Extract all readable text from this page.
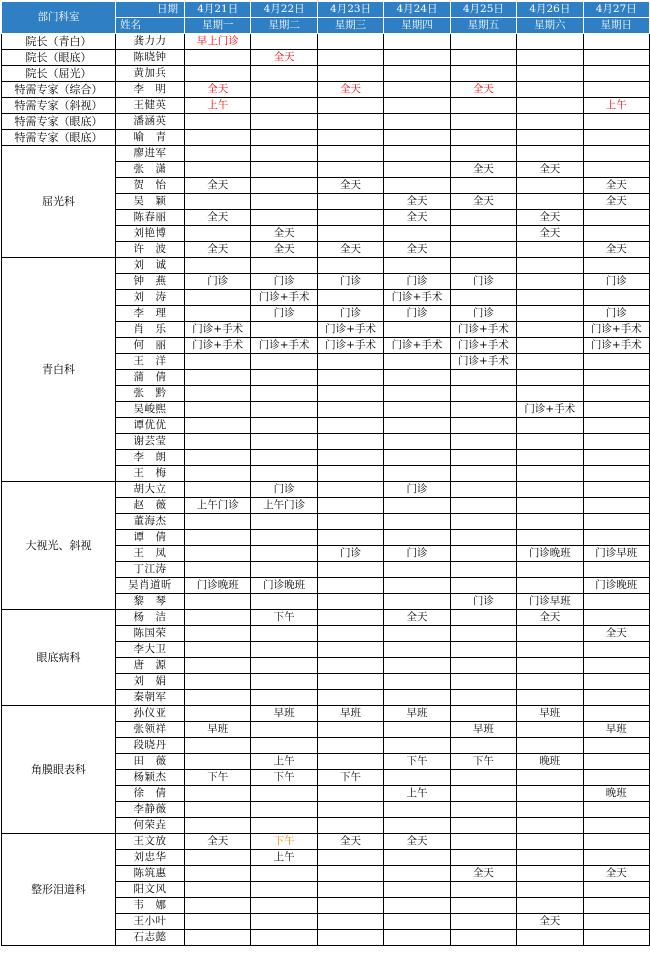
部门科室	日期	4月21日	4月22日	4月23日	4月24日	4月25日	4月26日	4月27日

	姓名	星期一	星期二	星期三	星期四	星期五	星期六	星期日
院长（青白）	龚力力	早上门诊						
院长（眼底）	陈晓钟		全天					
院长（屈光）	黄加兵							
特需专家（综合）	李　明	全天		全天		全天		
特需专家（斜视）	王健英	上午						上午
特需专家（眼底）	潘涵英							
特需专家（眼底）	喻　青							
屈光科	廖进军							
	张　潇					全天	全天	
	贺　怡	全天		全天				全天
	吴　颖				全天	全天		全天
	陈春丽	全天			全天		全天	
	刘艳博		全天				全天	
	许　波	全天	全天	全天	全天			全天
青白科	刘　诚							
	钟　燕	门诊	门诊	门诊	门诊	门诊		门诊
	刘　涛		门诊+手术		门诊+手术			
	李　理		门诊	门诊	门诊	门诊		门诊
	肖　乐	门诊+手术		门诊+手术		门诊+手术		门诊+手术
	何　丽	门诊+手术	门诊+手术	门诊+手术	门诊+手术	门诊+手术		门诊+手术
	王　洋					门诊+手术		
	蒲　倩							
	张　黔							
	吴峻熙						门诊+手术	
	谭优优							
	谢芸莹							
	李　朗							
	王　梅							
大视光、斜视	胡大立		门诊		门诊			
	赵　薇	上午门诊	上午门诊					
	董海杰							
	谭　倩							
	王　凤			门诊	门诊		门诊晚班	门诊早班
	丁江涛							
	吴肖道昕	门诊晚班	门诊晚班					门诊晚班
	黎　琴					门诊	门诊早班	
眼底病科	杨　洁		下午		全天		全天	
	陈国荣							全天
	李大卫							
	唐　源							
	刘　娟							
	秦朝军							
角膜眼表科	孙仪亚		早班	早班	早班		早班	
	张领祥	早班				早班		早班
	段晓丹							
	田　薇		上午		下午	下午	晚班	
	杨颖杰	下午	下午	下午				
	徐　倩				上午			晚班
	李静薇							
	何荣垚							
整形泪道科	王文放	全天	下午	全天	全天			
	刘忠华		上午					
	陈筑惠					全天		全天
	阳文风							
	韦　娜							
	王小叶						全天	
	石志懿							
